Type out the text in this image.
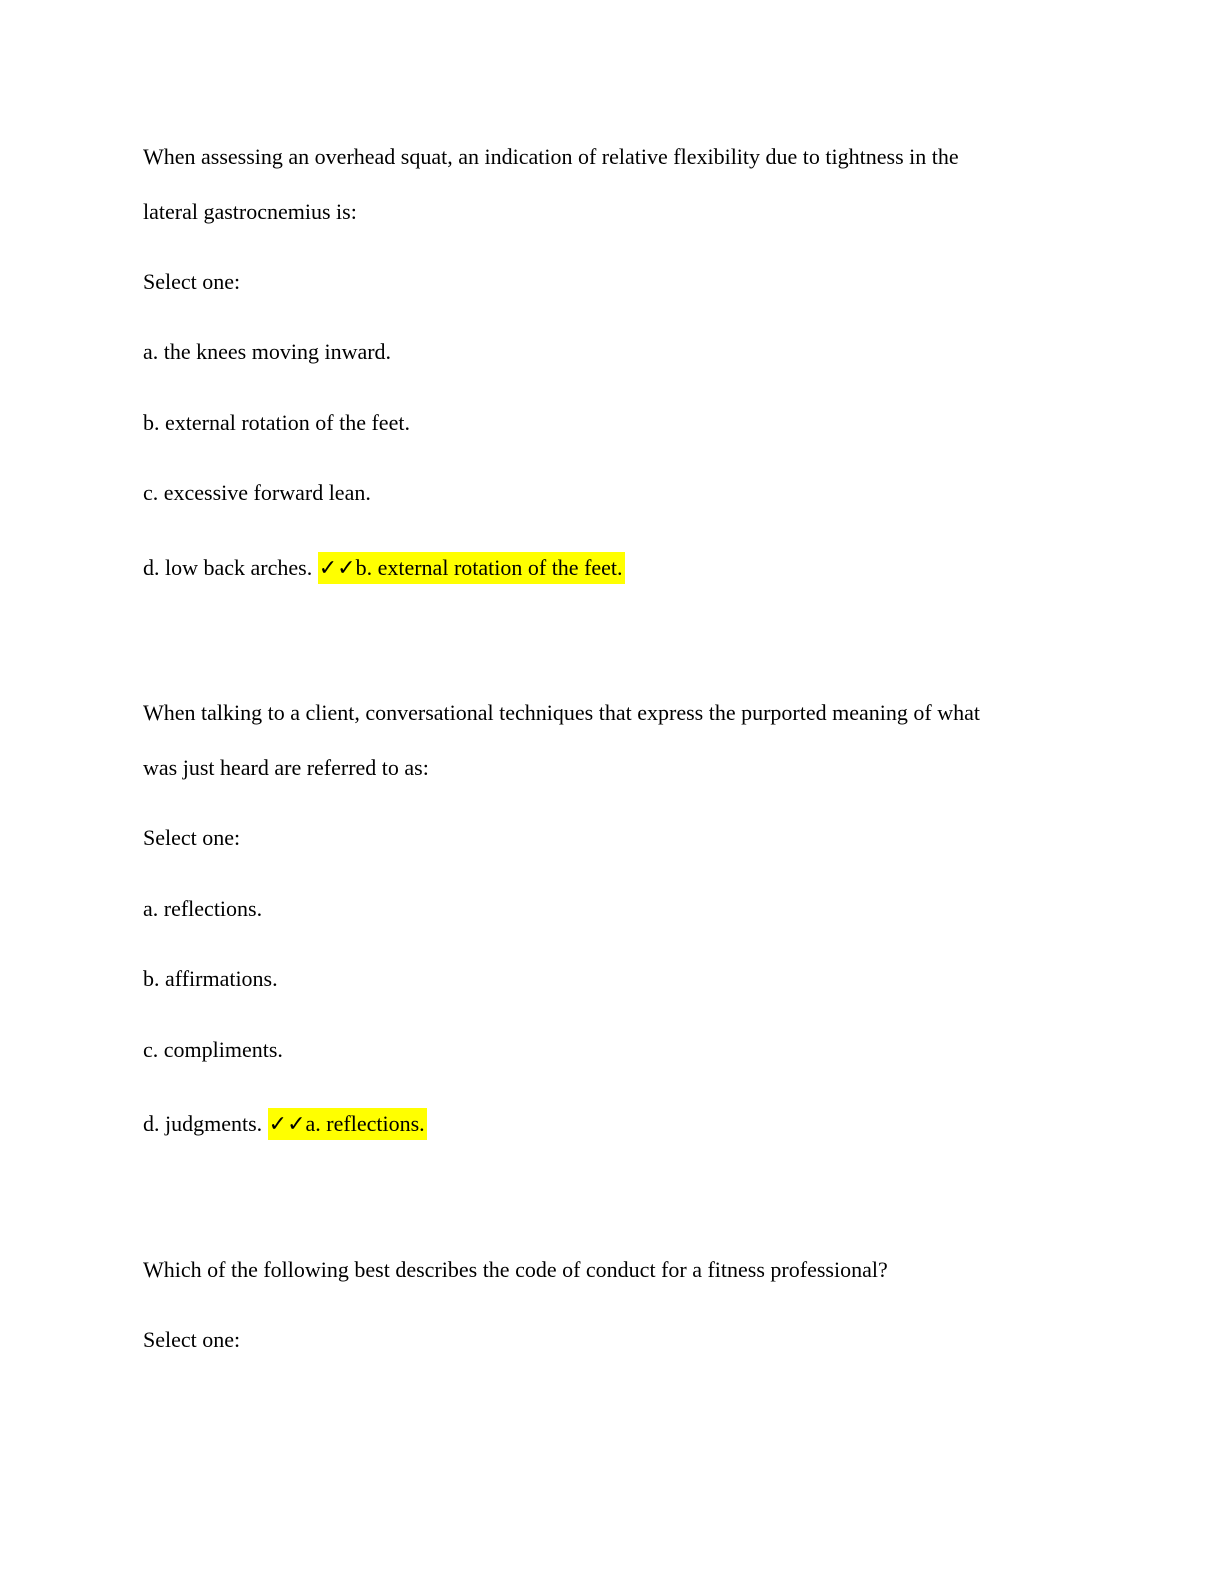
When assessing an overhead squat, an indication of relative flexibility due to tightness in the
lateral gastrocnemius is:
Select one:
a. the knees moving inward.
b. external rotation of the feet.
c. excessive forward lean.
d. low back arches. ✓✓b. external rotation of the feet.
When talking to a client, conversational techniques that express the purported meaning of what
was just heard are referred to as:
Select one:
a. reflections.
b. affirmations.
c. compliments.
d. judgments. ✓✓a. reflections.
Which of the following best describes the code of conduct for a fitness professional?
Select one:
